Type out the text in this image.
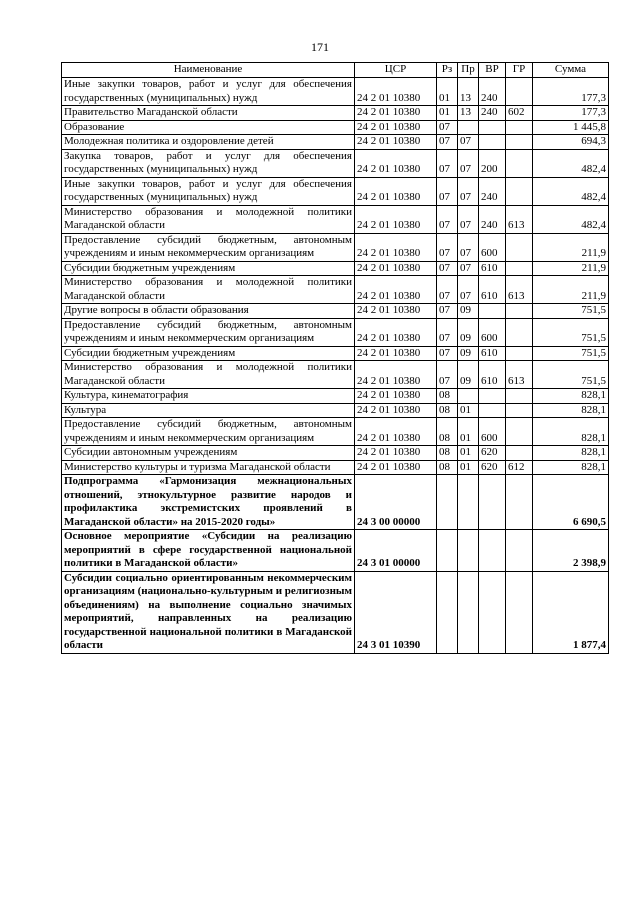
171
Наименование	ЦСР	Рз	Пр	ВР	ГР	Сумма
Иные закупки товаров, работ и услуг для обеспечения государственных (муниципальных) нужд	24 2 01 10380	01	13	240		177,3
Правительство Магаданской области	24 2 01 10380	01	13	240	602	177,3
Образование	24 2 01 10380	07				1 445,8
Молодежная политика и оздоровление детей	24 2 01 10380	07	07			694,3
Закупка товаров, работ и услуг для обеспечения государственных (муниципальных) нужд	24 2 01 10380	07	07	200		482,4
Иные закупки товаров, работ и услуг для обеспечения государственных (муниципальных) нужд	24 2 01 10380	07	07	240		482,4
Министерство образования и молодежной политики Магаданской области	24 2 01 10380	07	07	240	613	482,4
Предоставление субсидий бюджетным, автономным учреждениям и иным некоммерческим организациям	24 2 01 10380	07	07	600		211,9
Субсидии бюджетным учреждениям	24 2 01 10380	07	07	610		211,9
Министерство образования и молодежной политики Магаданской области	24 2 01 10380	07	07	610	613	211,9
Другие вопросы в области образования	24 2 01 10380	07	09			751,5
Предоставление субсидий бюджетным, автономным учреждениям и иным некоммерческим организациям	24 2 01 10380	07	09	600		751,5
Субсидии бюджетным учреждениям	24 2 01 10380	07	09	610		751,5
Министерство образования и молодежной политики Магаданской области	24 2 01 10380	07	09	610	613	751,5
Культура, кинематография	24 2 01 10380	08				828,1
Культура	24 2 01 10380	08	01			828,1
Предоставление субсидий бюджетным, автономным учреждениям и иным некоммерческим организациям	24 2 01 10380	08	01	600		828,1
Субсидии автономным учреждениям	24 2 01 10380	08	01	620		828,1
Министерство культуры и туризма Магаданской области	24 2 01 10380	08	01	620	612	828,1
Подпрограмма «Гармонизация межнациональных отношений, этнокультурное развитие народов и профилактика экстремистских проявлений в Магаданской области» на 2015-2020 годы»	24 3 00 00000					6 690,5
Основное мероприятие «Субсидии на реализацию мероприятий в сфере государственной национальной политики в Магаданской области»	24 3 01 00000					2 398,9
Субсидии социально ориентированным некоммерческим организациям (национально-культурным и религиозным объединениям) на выполнение социально значимых мероприятий, направленных на реализацию государственной национальной политики в Магаданской области	24 3 01 10390					1 877,4
